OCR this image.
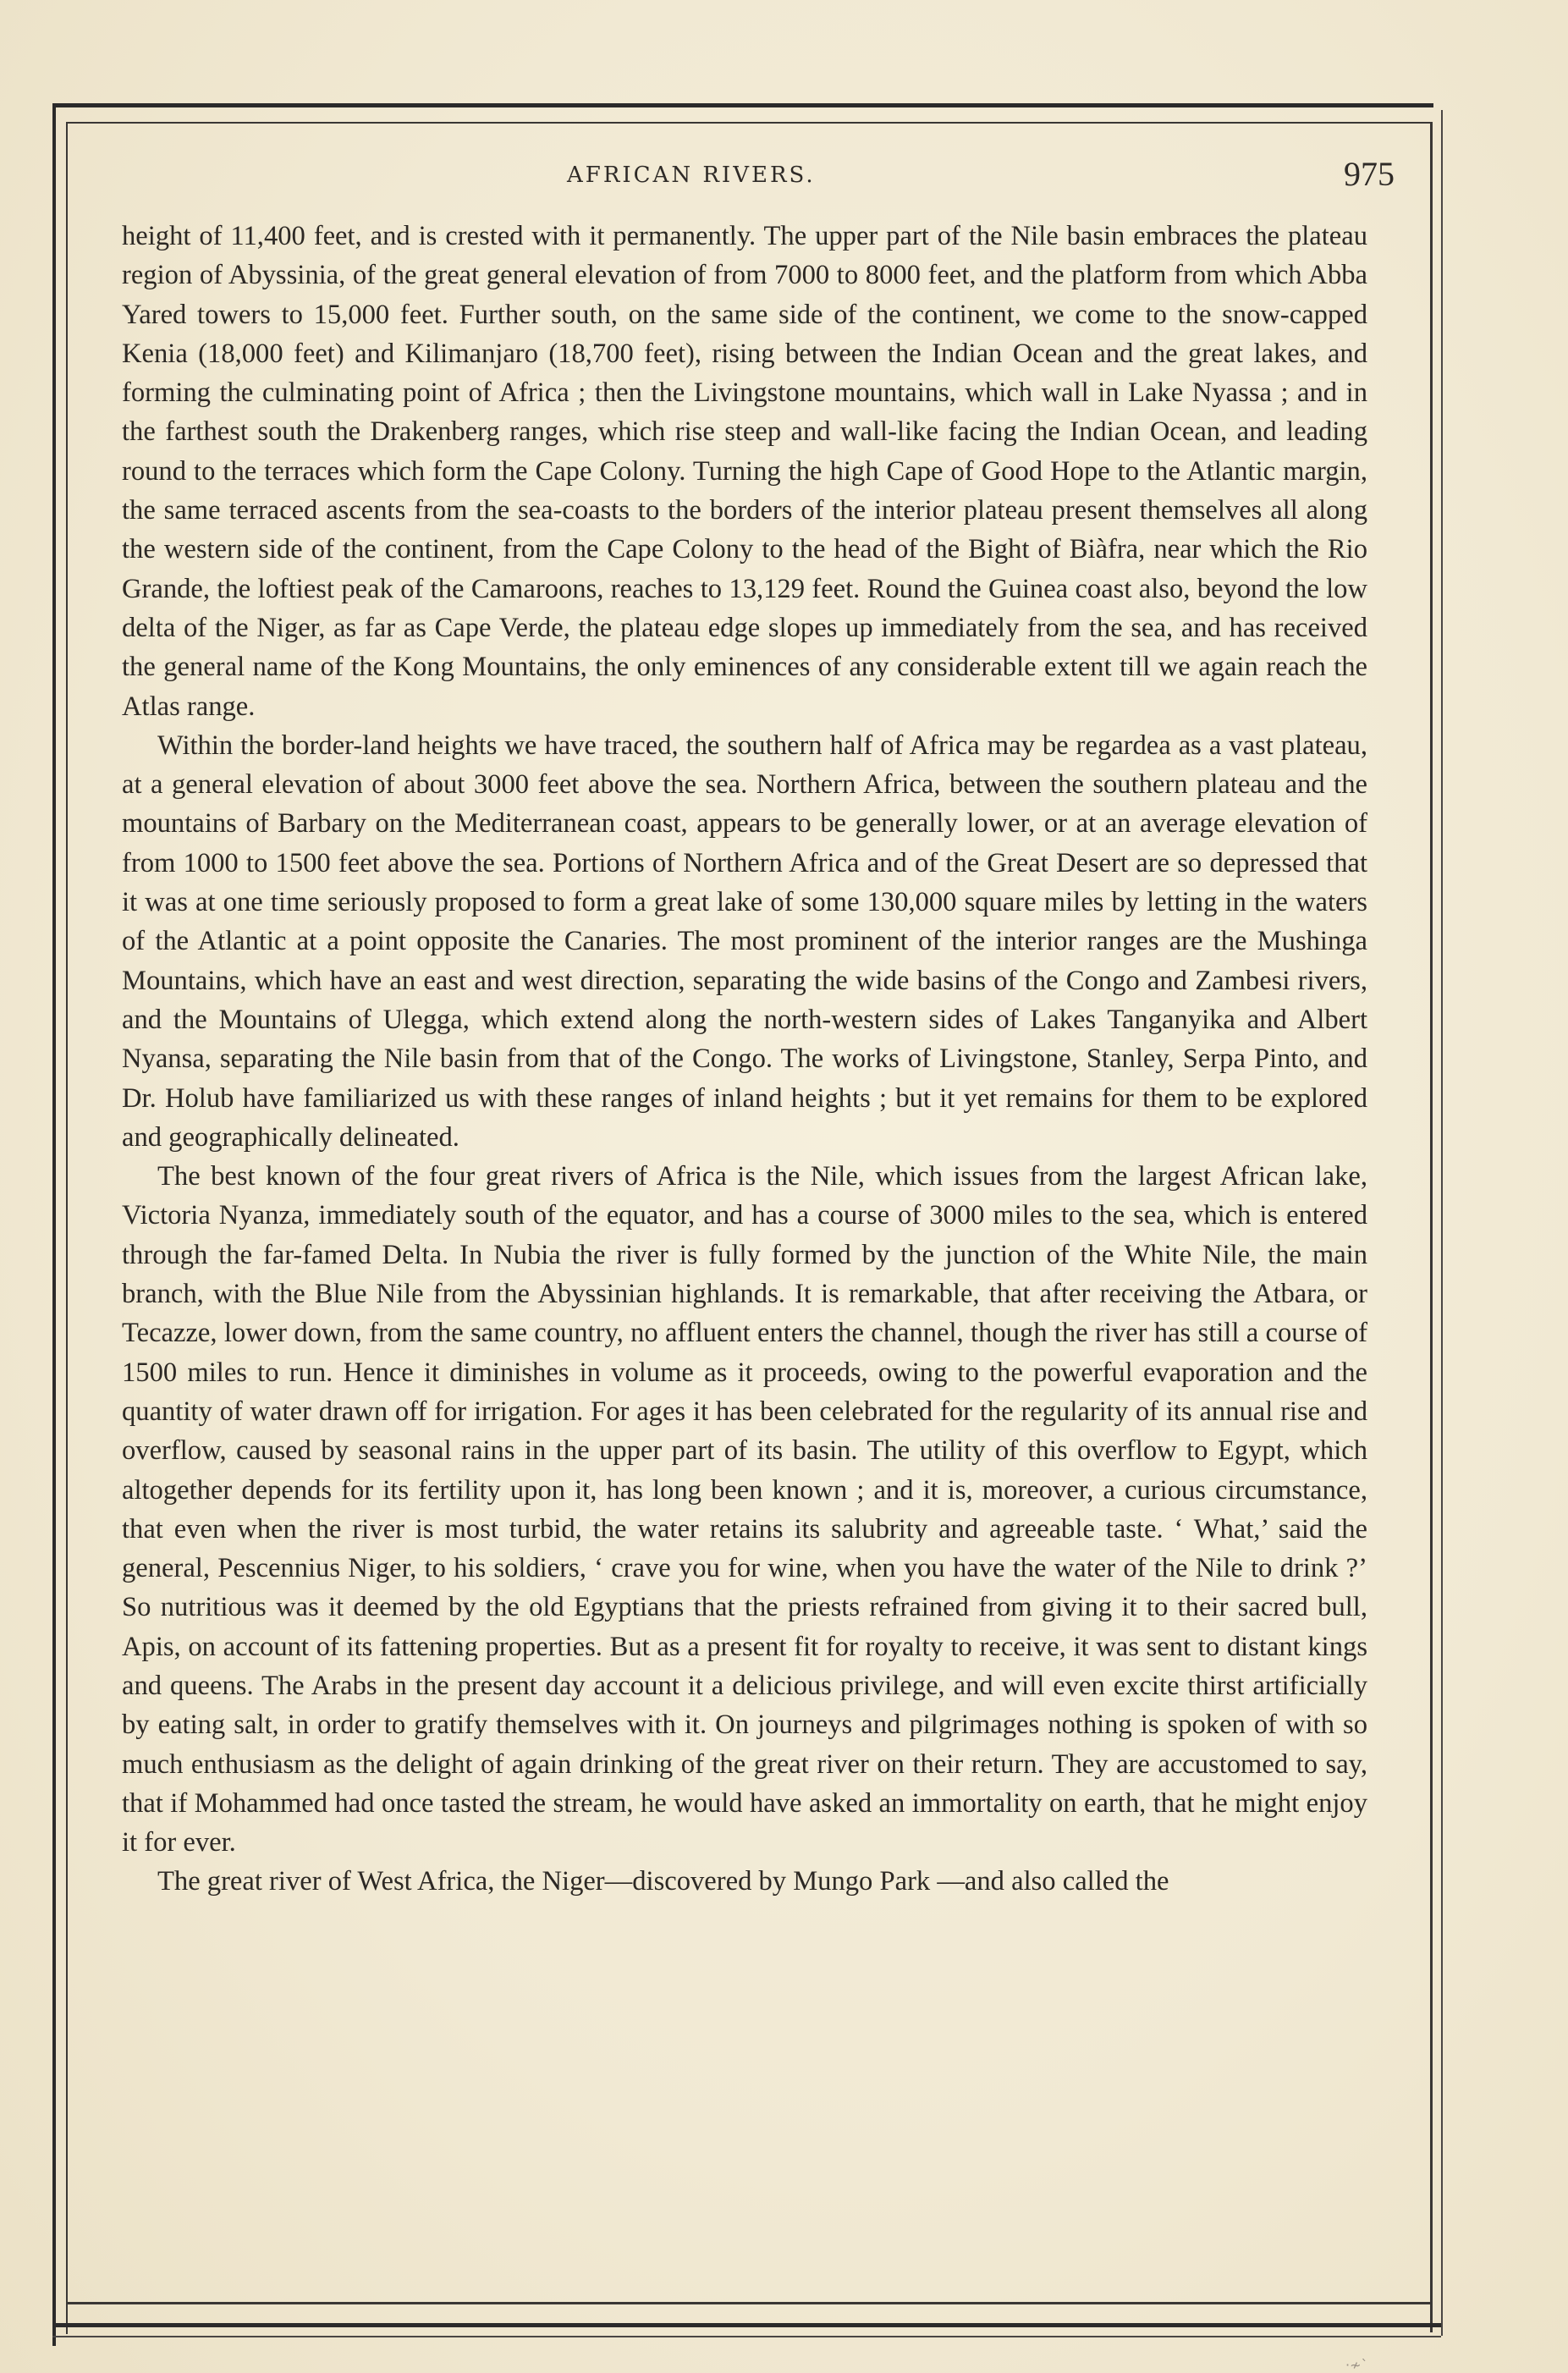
AFRICAN RIVERS.	975

height of 11,400 feet, and is crested with it permanently. The upper part of the Nile basin embraces the plateau region of Abyssinia, of the great general elevation of from 7000 to 8000 feet, and the platform from which Abba Yared towers to 15,000 feet. Further south, on the same side of the continent, we come to the snow-capped Kenia (18,000 feet) and Kilimanjaro (18,700 feet), rising between the Indian Ocean and the great lakes, and forming the culminating point of Africa ; then the Livingstone mountains, which wall in Lake Nyassa ; and in the farthest south the Drakenberg ranges, which rise steep and wall-like facing the Indian Ocean, and leading round to the terraces which form the Cape Colony. Turning the high Cape of Good Hope to the Atlantic margin, the same terraced ascents from the sea-coasts to the borders of the interior plateau present themselves all along the western side of the continent, from the Cape Colony to the head of the Bight of Biàfra, near which the Rio Grande, the loftiest peak of the Camaroons, reaches to 13,129 feet. Round the Guinea coast also, beyond the low delta of the Niger, as far as Cape Verde, the plateau edge slopes up immediately from the sea, and has received the general name of the Kong Mountains, the only eminences of any considerable extent till we again reach the Atlas range.

Within the border-land heights we have traced, the southern half of Africa may be regardea as a vast plateau, at a general elevation of about 3000 feet above the sea. Northern Africa, between the southern plateau and the mountains of Barbary on the Mediterranean coast, appears to be generally lower, or at an average elevation of from 1000 to 1500 feet above the sea. Portions of Northern Africa and of the Great Desert are so depressed that it was at one time seriously proposed to form a great lake of some 130,000 square miles by letting in the waters of the Atlantic at a point opposite the Canaries. The most prominent of the interior ranges are the Mushinga Mountains, which have an east and west direction, separating the wide basins of the Congo and Zambesi rivers, and the Mountains of Ulegga, which extend along the north-western sides of Lakes Tanganyika and Albert Nyansa, separating the Nile basin from that of the Congo. The works of Livingstone, Stanley, Serpa Pinto, and Dr. Holub have familiarized us with these ranges of inland heights ; but it yet remains for them to be explored and geographically delineated.

The best known of the four great rivers of Africa is the Nile, which issues from the largest African lake, Victoria Nyanza, immediately south of the equator, and has a course of 3000 miles to the sea, which is entered through the far-famed Delta. In Nubia the river is fully formed by the junction of the White Nile, the main branch, with the Blue Nile from the Abyssinian highlands. It is remarkable, that after receiving the Atbara, or Tecazze, lower down, from the same country, no affluent enters the channel, though the river has still a course of 1500 miles to run. Hence it diminishes in volume as it proceeds, owing to the powerful evaporation and the quantity of water drawn off for irrigation. For ages it has been celebrated for the regularity of its annual rise and overflow, caused by seasonal rains in the upper part of its basin. The utility of this overflow to Egypt, which altogether depends for its fertility upon it, has long been known ; and it is, moreover, a curious circumstance, that even when the river is most turbid, the water retains its salubrity and agreeable taste. ‘ What,’ said the general, Pescennius Niger, to his soldiers, ‘ crave you for wine, when you have the water of the Nile to drink ?’ So nutritious was it deemed by the old Egyptians that the priests refrained from giving it to their sacred bull, Apis, on account of its fattening properties. But as a present fit for royalty to receive, it was sent to distant kings and queens. The Arabs in the present day account it a delicious privilege, and will even excite thirst artificially by eating salt, in order to gratify themselves with it. On journeys and pilgrimages nothing is spoken of with so much enthusiasm as the delight of again drinking of the great river on their return. They are accustomed to say, that if Mohammed had once tasted the stream, he would have asked an immortality on earth, that he might enjoy it for ever.

The great river of West Africa, the Niger—discovered by Mungo Park —and also called the

·≁ˋ
